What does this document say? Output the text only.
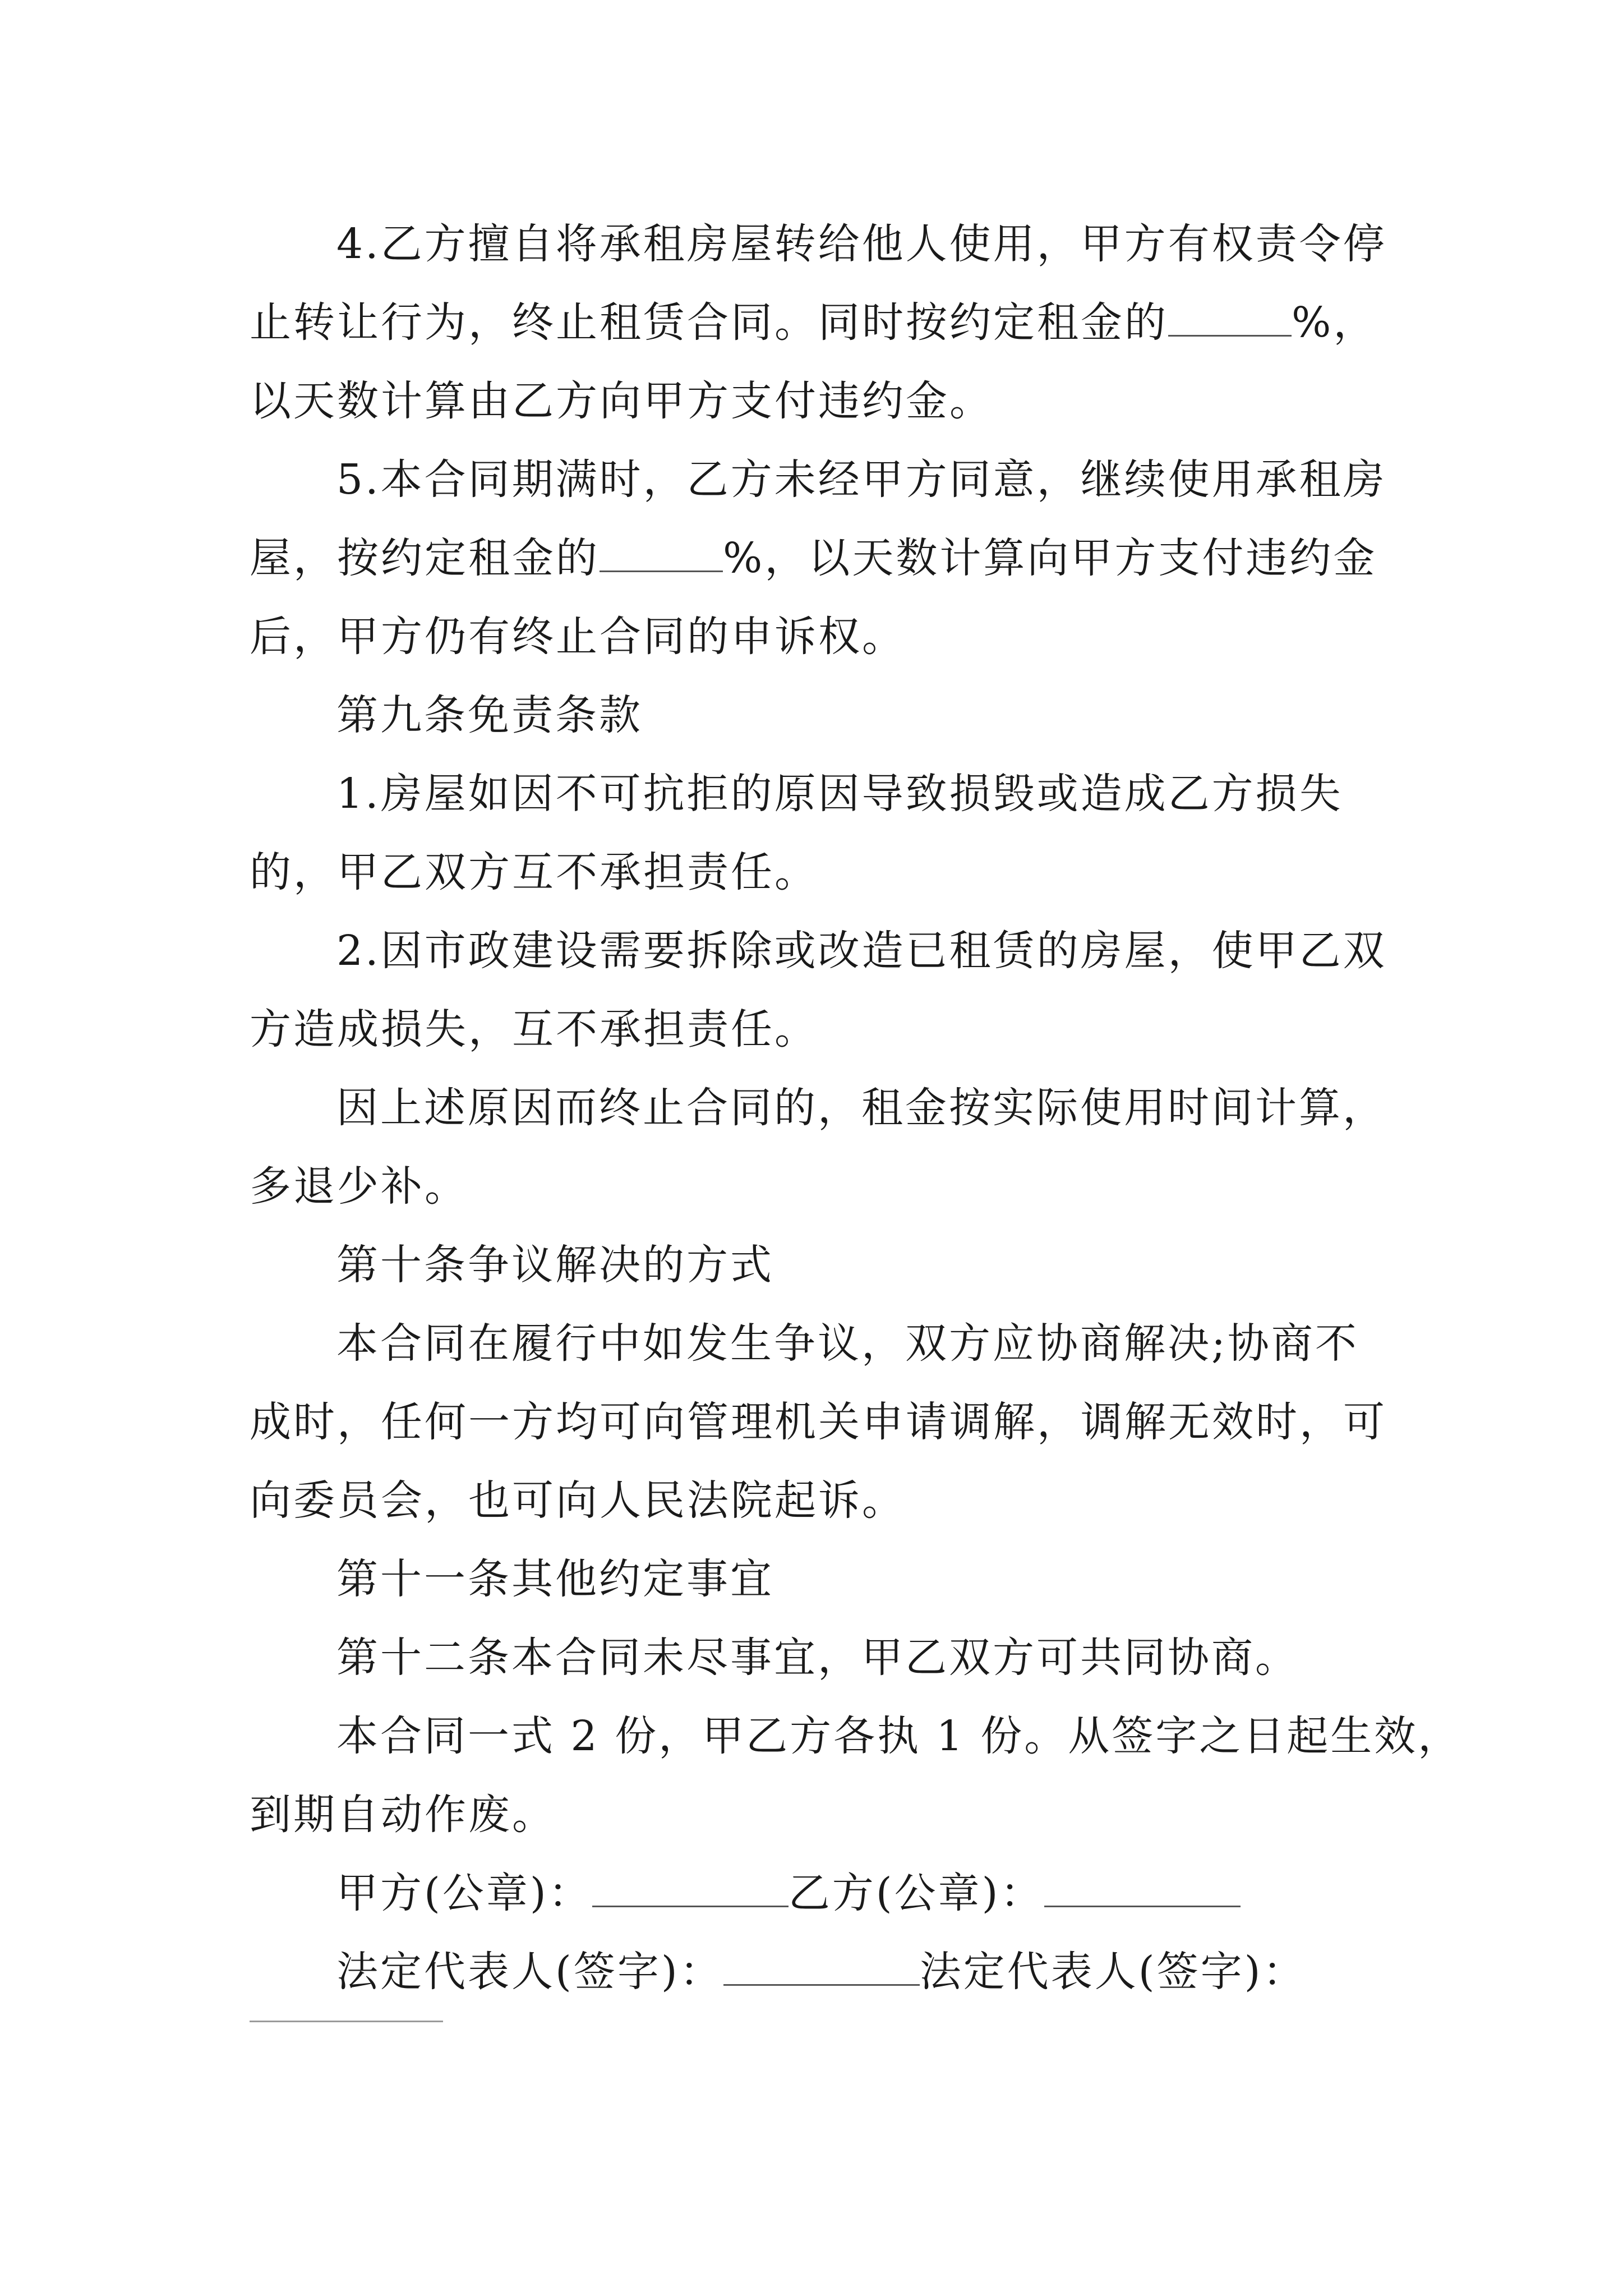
4.乙方擅自将承租房屋转给他人使用，甲方有权责令停
止转让行为，终止租赁合同。同时按约定租金的	%，
以天数计算由乙方向甲方支付违约金。
5.本合同期满时，乙方未经甲方同意，继续使用承租房
屋，按约定租金的	%，以天数计算向甲方支付违约金
后，甲方仍有终止合同的申诉权。
第九条免责条款
1.房屋如因不可抗拒的原因导致损毁或造成乙方损失
的，甲乙双方互不承担责任。
2.因市政建设需要拆除或改造已租赁的房屋，使甲乙双
方造成损失，互不承担责任。
因上述原因而终止合同的，租金按实际使用时间计算，
多退少补。
第十条争议解决的方式
本合同在履行中如发生争议，双方应协商解决;协商不
成时，任何一方均可向管理机关申请调解，调解无效时，可
向委员会，也可向人民法院起诉。
第十一条其他约定事宜
第十二条本合同未尽事宜，甲乙双方可共同协商。
本合同一式 2 份，甲乙方各执 1 份。从签字之日起生效，
到期自动作废。
甲方(公章)：	乙方(公章)：
法定代表人(签字)：	法定代表人(签字)：
